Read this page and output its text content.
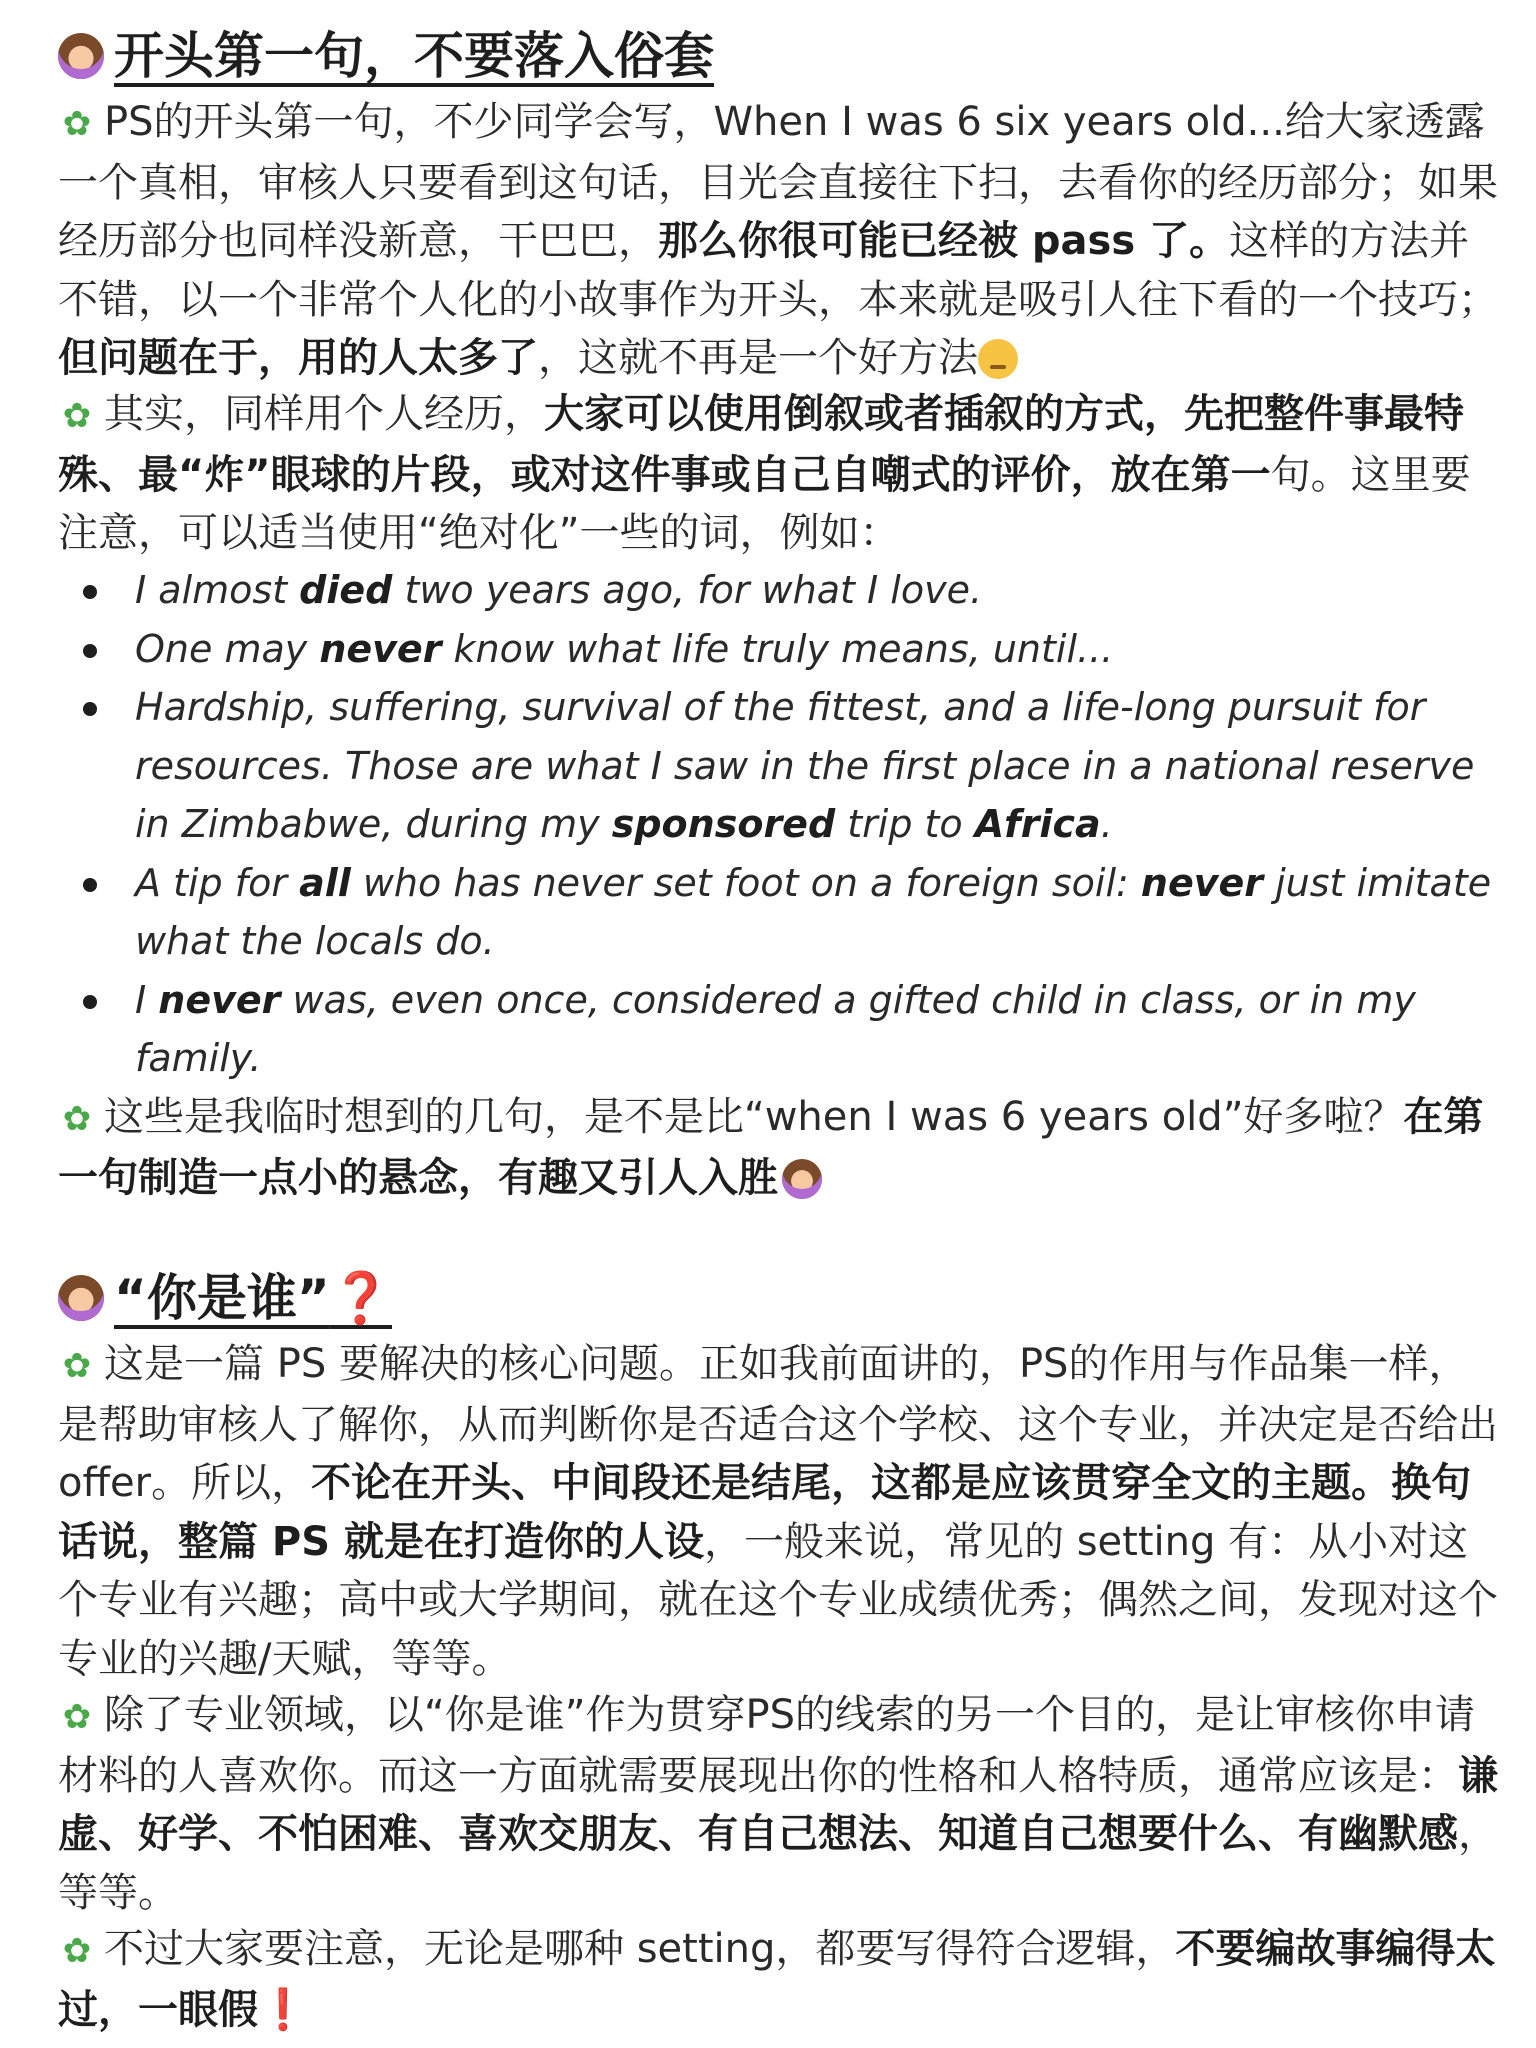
开头第一句，不要落入俗套
✿ PS的开头第一句，不少同学会写，When I was 6 six years old...给大家透露一个真相，审核人只要看到这句话，目光会直接往下扫，去看你的经历部分；如果经历部分也同样没新意，干巴巴，那么你很可能已经被 pass 了。这样的方法并不错，以一个非常个人化的小故事作为开头，本来就是吸引人往下看的一个技巧；但问题在于，用的人太多了，这就不再是一个好方法
✿ 其实，同样用个人经历，大家可以使用倒叙或者插叙的方式，先把整件事最特殊、最“炸”眼球的片段，或对这件事或自己自嘲式的评价，放在第一句。这里要注意，可以适当使用“绝对化”一些的词，例如：
I almost died two years ago, for what I love.
One may never know what life truly means, until...
Hardship, suffering, survival of the fittest, and a life-long pursuit for resources. Those are what I saw in the first place in a national reserve in Zimbabwe, during my sponsored trip to Africa.
A tip for all who has never set foot on a foreign soil: never just imitate what the locals do.
I never was, even once, considered a gifted child in class, or in my family.
✿ 这些是我临时想到的几句，是不是比“when I was 6 years old”好多啦？在第一句制造一点小的悬念，有趣又引人入胜
“你是谁”❓
✿ 这是一篇 PS 要解决的核心问题。正如我前面讲的，PS的作用与作品集一样，是帮助审核人了解你，从而判断你是否适合这个学校、这个专业，并决定是否给出 offer。所以，不论在开头、中间段还是结尾，这都是应该贯穿全文的主题。换句话说，整篇 PS 就是在打造你的人设，一般来说，常见的 setting 有：从小对这个专业有兴趣；高中或大学期间，就在这个专业成绩优秀；偶然之间，发现对这个专业的兴趣/天赋，等等。
✿ 除了专业领域，以“你是谁”作为贯穿PS的线索的另一个目的，是让审核你申请材料的人喜欢你。而这一方面就需要展现出你的性格和人格特质，通常应该是：谦虚、好学、不怕困难、喜欢交朋友、有自己想法、知道自己想要什么、有幽默感，等等。
✿ 不过大家要注意，无论是哪种 setting，都要写得符合逻辑，不要编故事编得太过，一眼假❗
